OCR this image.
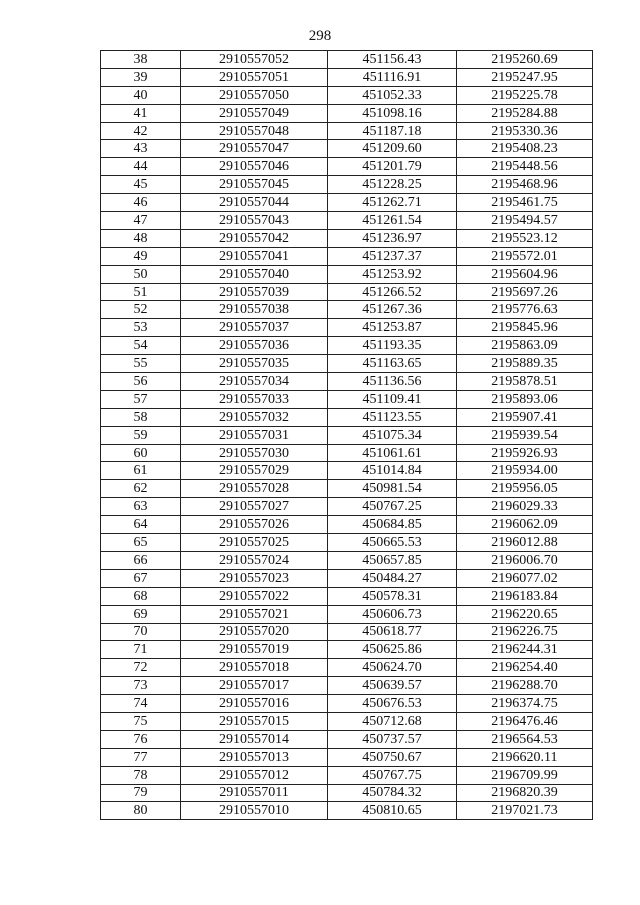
298
38	2910557052	451156.43	2195260.69
39	2910557051	451116.91	2195247.95
40	2910557050	451052.33	2195225.78
41	2910557049	451098.16	2195284.88
42	2910557048	451187.18	2195330.36
43	2910557047	451209.60	2195408.23
44	2910557046	451201.79	2195448.56
45	2910557045	451228.25	2195468.96
46	2910557044	451262.71	2195461.75
47	2910557043	451261.54	2195494.57
48	2910557042	451236.97	2195523.12
49	2910557041	451237.37	2195572.01
50	2910557040	451253.92	2195604.96
51	2910557039	451266.52	2195697.26
52	2910557038	451267.36	2195776.63
53	2910557037	451253.87	2195845.96
54	2910557036	451193.35	2195863.09
55	2910557035	451163.65	2195889.35
56	2910557034	451136.56	2195878.51
57	2910557033	451109.41	2195893.06
58	2910557032	451123.55	2195907.41
59	2910557031	451075.34	2195939.54
60	2910557030	451061.61	2195926.93
61	2910557029	451014.84	2195934.00
62	2910557028	450981.54	2195956.05
63	2910557027	450767.25	2196029.33
64	2910557026	450684.85	2196062.09
65	2910557025	450665.53	2196012.88
66	2910557024	450657.85	2196006.70
67	2910557023	450484.27	2196077.02
68	2910557022	450578.31	2196183.84
69	2910557021	450606.73	2196220.65
70	2910557020	450618.77	2196226.75
71	2910557019	450625.86	2196244.31
72	2910557018	450624.70	2196254.40
73	2910557017	450639.57	2196288.70
74	2910557016	450676.53	2196374.75
75	2910557015	450712.68	2196476.46
76	2910557014	450737.57	2196564.53
77	2910557013	450750.67	2196620.11
78	2910557012	450767.75	2196709.99
79	2910557011	450784.32	2196820.39
80	2910557010	450810.65	2197021.73
